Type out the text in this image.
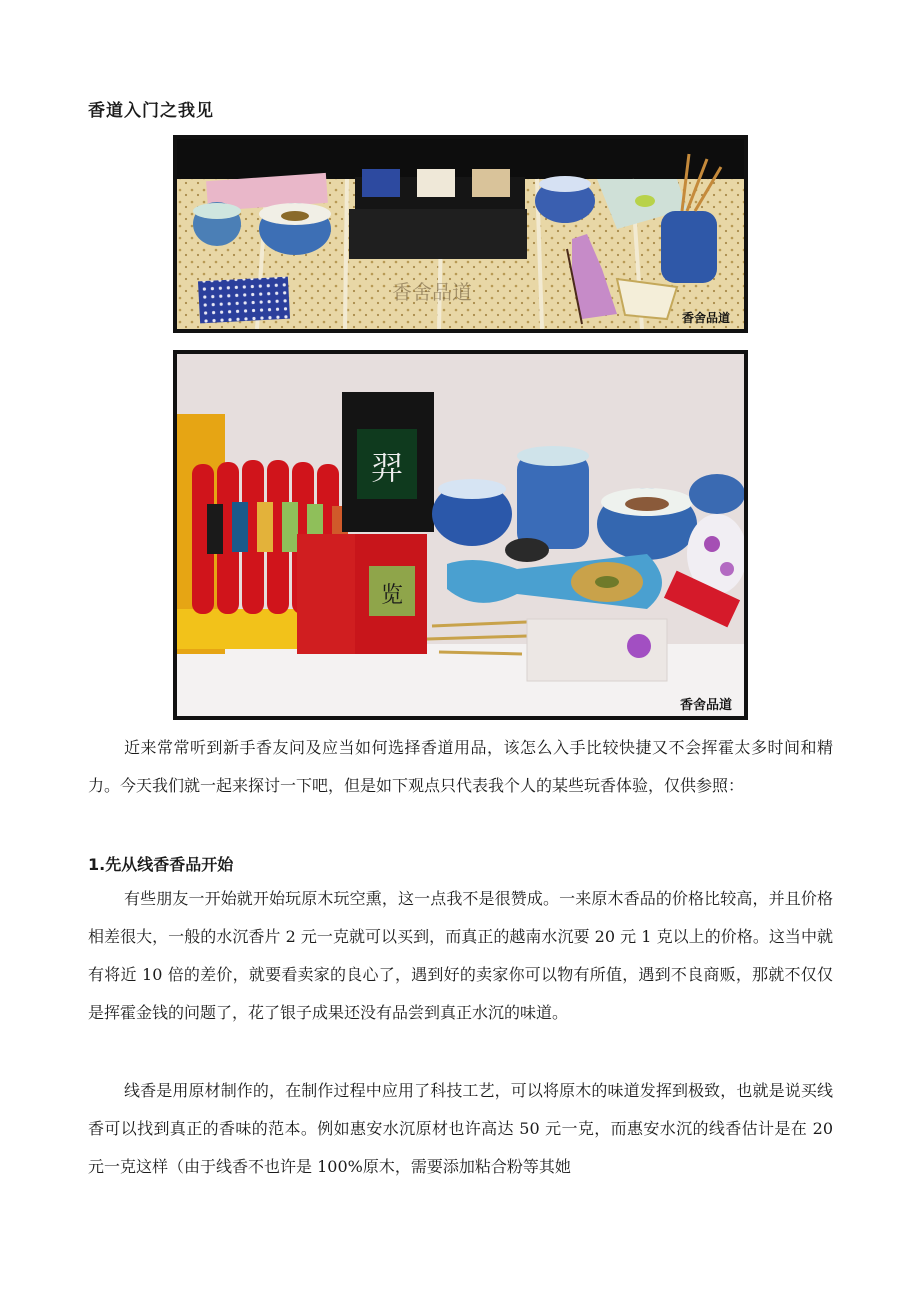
香道入门之我见
香舍品道
香舍品道
羿
览
香舍品道

近来常常听到新手香友问及应当如何选择香道用品，该怎么入手比较快捷又不会挥霍太多时间和精力。今天我们就一起来探讨一下吧，但是如下观点只代表我个人的某些玩香体验，仅供参照：

1.先从线香香品开始

有些朋友一开始就开始玩原木玩空熏，这一点我不是很赞成。一来原木香品的价格比较高，并且价格相差很大，一般的水沉香片 2 元一克就可以买到，而真正的越南水沉要 20 元 1 克以上的价格。这当中就有将近 10 倍的差价，就要看卖家的良心了，遇到好的卖家你可以物有所值，遇到不良商贩，那就不仅仅是挥霍金钱的问题了，花了银子成果还没有品尝到真正水沉的味道。

线香是用原材制作的，在制作过程中应用了科技工艺，可以将原木的味道发挥到极致，也就是说买线香可以找到真正的香味的范本。例如惠安水沉原材也许高达 50 元一克，而惠安水沉的线香估计是在 20 元一克这样（由于线香不也许是 100%原木，需要添加粘合粉等其她
